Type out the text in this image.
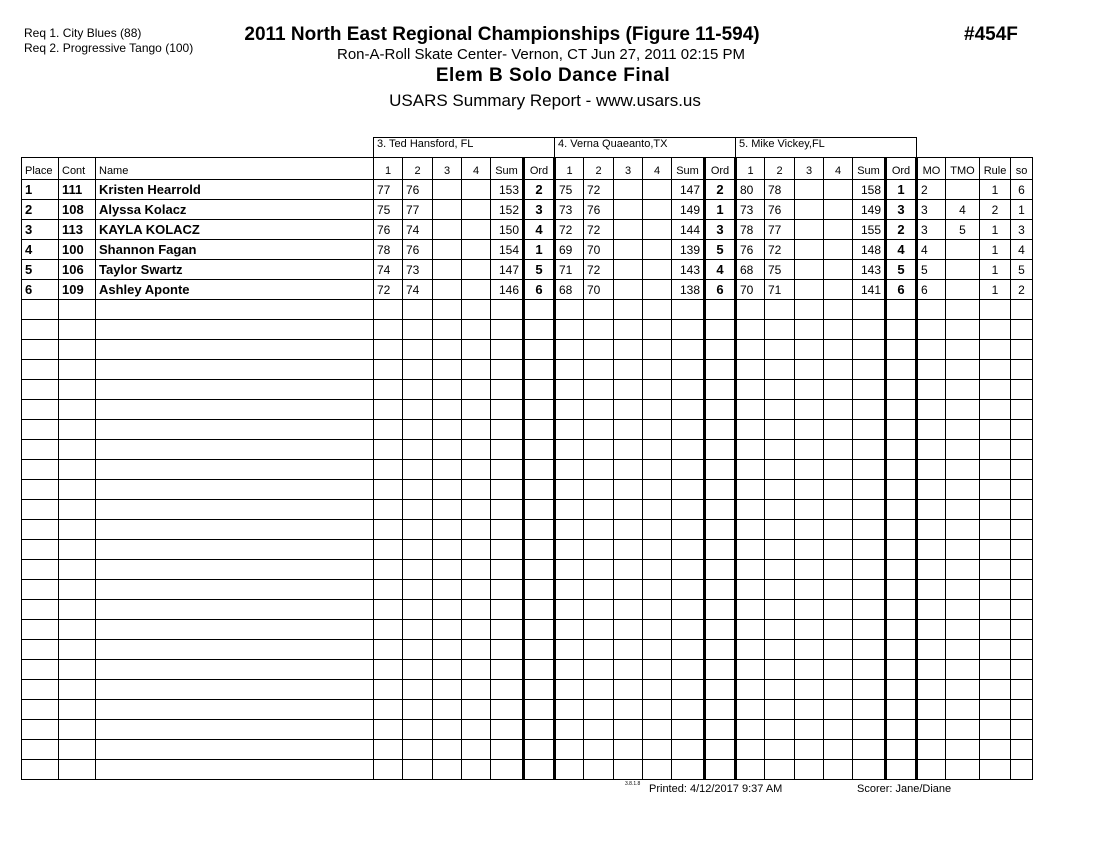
Req 1. City Blues (88)
Req 2. Progressive Tango (100)
2011 North East Regional Championships (Figure 11-594)
Ron-A-Roll Skate Center- Vernon, CT Jun 27, 2011 02:15 PM
Elem B Solo Dance Final
USARS Summary Report - www.usars.us
#454F
			3. Ted Hansford, FL						4. Verna Quaeanto,TX						5. Mike Vickey,FL									
Place	Cont	Name	1	2	3	4	Sum	Ord	1	2	3	4	Sum	Ord	1	2	3	4	Sum	Ord	MO	TMO	Rule	so
1	111	Kristen Hearrold	77	76			153	2	75	72			147	2	80	78			158	1	2		1	6
2	108	Alyssa Kolacz	75	77			152	3	73	76			149	1	73	76			149	3	3	4	2	1
3	113	KAYLA KOLACZ	76	74			150	4	72	72			144	3	78	77			155	2	3	5	1	3
4	100	Shannon Fagan	78	76			154	1	69	70			139	5	76	72			148	4	4		1	4
5	106	Taylor Swartz	74	73			147	5	71	72			143	4	68	75			143	5	5		1	5
6	109	Ashley Aponte	72	74			146	6	68	70			138	6	70	71			141	6	6		1	2

3.8.1.8 Printed: 4/12/2017 9:37 AM	Scorer: Jane/Diane
